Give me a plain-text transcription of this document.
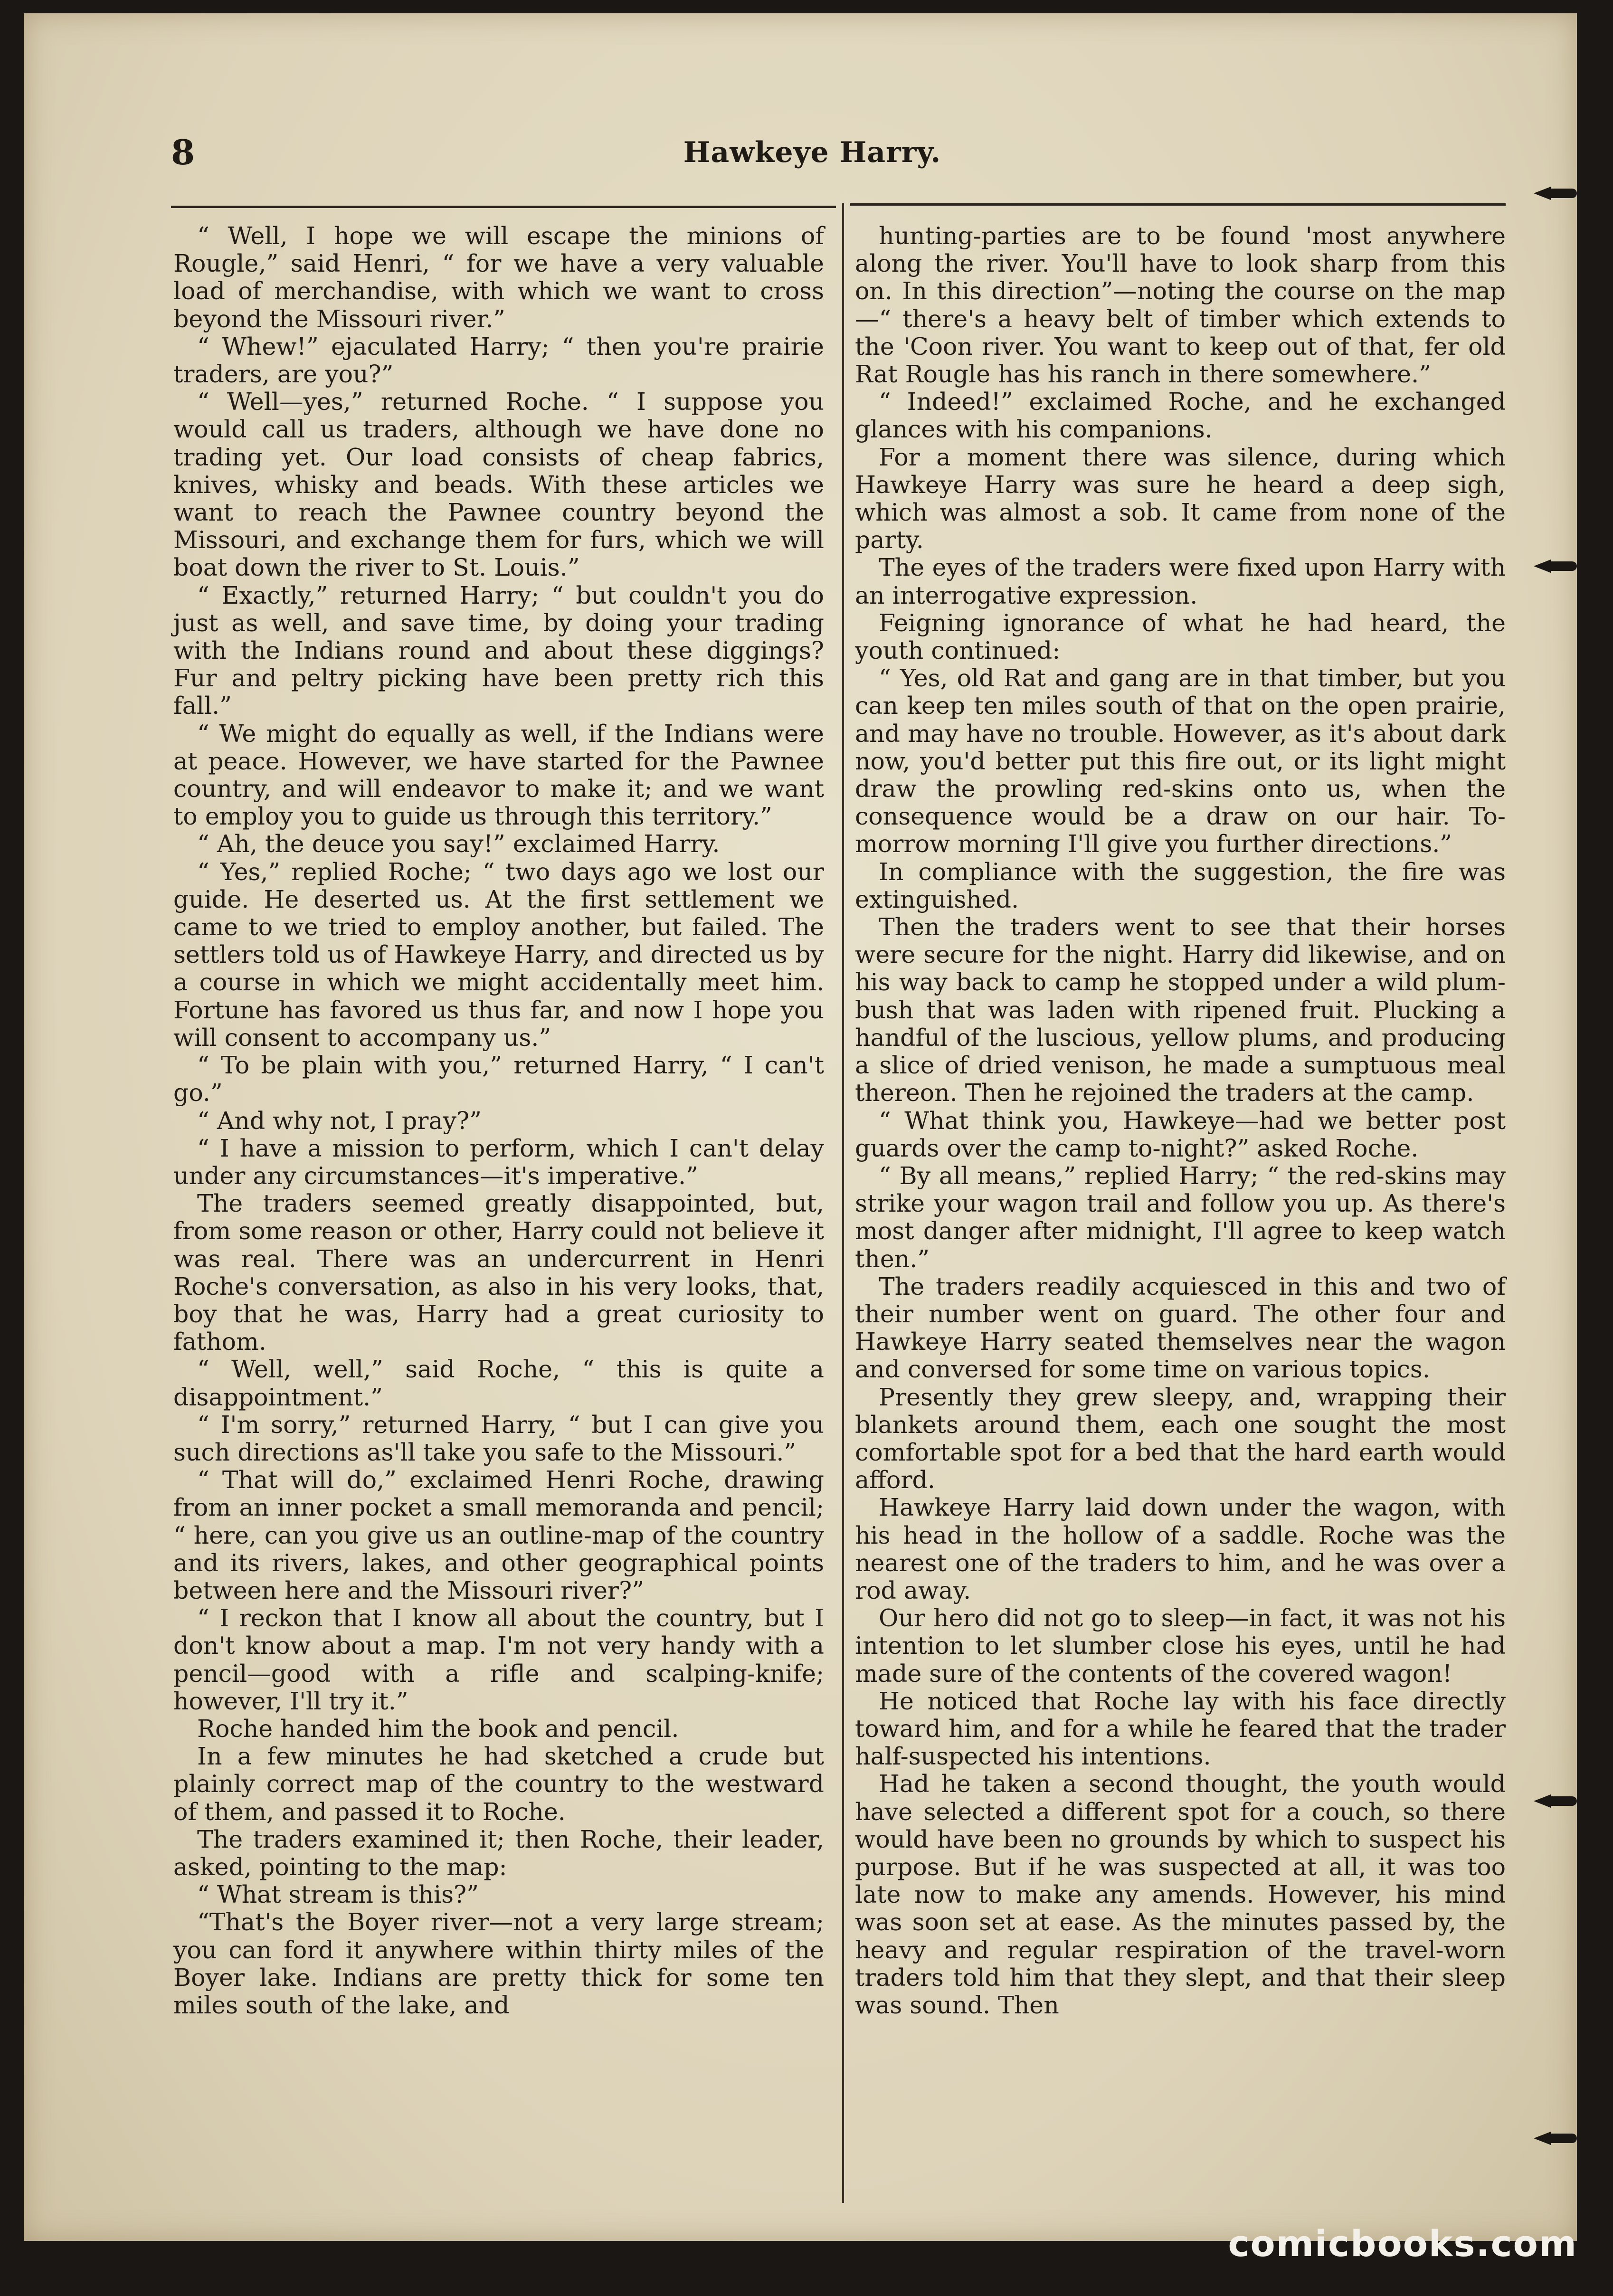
8	Hawkeye Harry.

“ Well, I hope we will escape the minions of Rougle,” said Henri, “ for we have a very valuable load of merchandise, with which we want to cross beyond the Missouri river.”

“ Whew!” ejaculated Harry; “ then you're prairie traders, are you?”

“ Well—yes,” returned Roche. “ I suppose you would call us traders, although we have done no trading yet. Our load consists of cheap fabrics, knives, whisky and beads. With these articles we want to reach the Pawnee country beyond the Missouri, and exchange them for furs, which we will boat down the river to St. Louis.”

“ Exactly,” returned Harry; “ but couldn't you do just as well, and save time, by doing your trading with the Indians round and about these diggings? Fur and peltry picking have been pretty rich this fall.”

“ We might do equally as well, if the Indians were at peace. However, we have started for the Pawnee country, and will endeavor to make it; and we want to employ you to guide us through this territory.”

“ Ah, the deuce you say!” exclaimed Harry.

“ Yes,” replied Roche; “ two days ago we lost our guide. He deserted us. At the first settlement we came to we tried to employ another, but failed. The settlers told us of Hawkeye Harry, and directed us by a course in which we might accidentally meet him. Fortune has favored us thus far, and now I hope you will consent to accompany us.”

“ To be plain with you,” returned Harry, “ I can't go.”

“ And why not, I pray?”

“ I have a mission to perform, which I can't delay under any circumstances—it's imperative.”

The traders seemed greatly disappointed, but, from some reason or other, Harry could not believe it was real. There was an undercurrent in Henri Roche's conversation, as also in his very looks, that, boy that he was, Harry had a great curiosity to fathom.

“ Well, well,” said Roche, “ this is quite a disappointment.”

“ I'm sorry,” returned Harry, “ but I can give you such directions as'll take you safe to the Missouri.”

“ That will do,” exclaimed Henri Roche, drawing from an inner pocket a small memoranda and pencil; “ here, can you give us an outline-map of the country and its rivers, lakes, and other geographical points between here and the Missouri river?”

“ I reckon that I know all about the country, but I don't know about a map. I'm not very handy with a pencil—good with a rifle and scalping-knife; however, I'll try it.”

Roche handed him the book and pencil.

In a few minutes he had sketched a crude but plainly correct map of the country to the westward of them, and passed it to Roche.

The traders examined it; then Roche, their leader, asked, pointing to the map:

“ What stream is this?”

“That's the Boyer river—not a very large stream; you can ford it anywhere within thirty miles of the Boyer lake. Indians are pretty thick for some ten miles south of the lake, and

hunting-parties are to be found 'most anywhere along the river. You'll have to look sharp from this on. In this direction”—noting the course on the map—“ there's a heavy belt of timber which extends to the 'Coon river. You want to keep out of that, fer old Rat Rougle has his ranch in there somewhere.”

“ Indeed!” exclaimed Roche, and he exchanged glances with his companions.

For a moment there was silence, during which Hawkeye Harry was sure he heard a deep sigh, which was almost a sob. It came from none of the party.

The eyes of the traders were fixed upon Harry with an interrogative expression.

Feigning ignorance of what he had heard, the youth continued:

“ Yes, old Rat and gang are in that timber, but you can keep ten miles south of that on the open prairie, and may have no trouble. However, as it's about dark now, you'd better put this fire out, or its light might draw the prowling red-skins onto us, when the consequence would be a draw on our hair. To-morrow morning I'll give you further directions.”

In compliance with the suggestion, the fire was extinguished.

Then the traders went to see that their horses were secure for the night. Harry did likewise, and on his way back to camp he stopped under a wild plum-bush that was laden with ripened fruit. Plucking a handful of the luscious, yellow plums, and producing a slice of dried venison, he made a sumptuous meal thereon. Then he rejoined the traders at the camp.

“ What think you, Hawkeye—had we better post guards over the camp to-night?” asked Roche.

“ By all means,” replied Harry; “ the red-skins may strike your wagon trail and follow you up. As there's most danger after midnight, I'll agree to keep watch then.”

The traders readily acquiesced in this and two of their number went on guard. The other four and Hawkeye Harry seated themselves near the wagon and conversed for some time on various topics.

Presently they grew sleepy, and, wrapping their blankets around them, each one sought the most comfortable spot for a bed that the hard earth would afford.

Hawkeye Harry laid down under the wagon, with his head in the hollow of a saddle. Roche was the nearest one of the traders to him, and he was over a rod away.

Our hero did not go to sleep—in fact, it was not his intention to let slumber close his eyes, until he had made sure of the contents of the covered wagon!

He noticed that Roche lay with his face directly toward him, and for a while he feared that the trader half-suspected his intentions.

Had he taken a second thought, the youth would have selected a different spot for a couch, so there would have been no grounds by which to suspect his purpose. But if he was suspected at all, it was too late now to make any amends. However, his mind was soon set at ease. As the minutes passed by, the heavy and regular respiration of the travel-worn traders told him that they slept, and that their sleep was sound. Then

comicbooks.com
